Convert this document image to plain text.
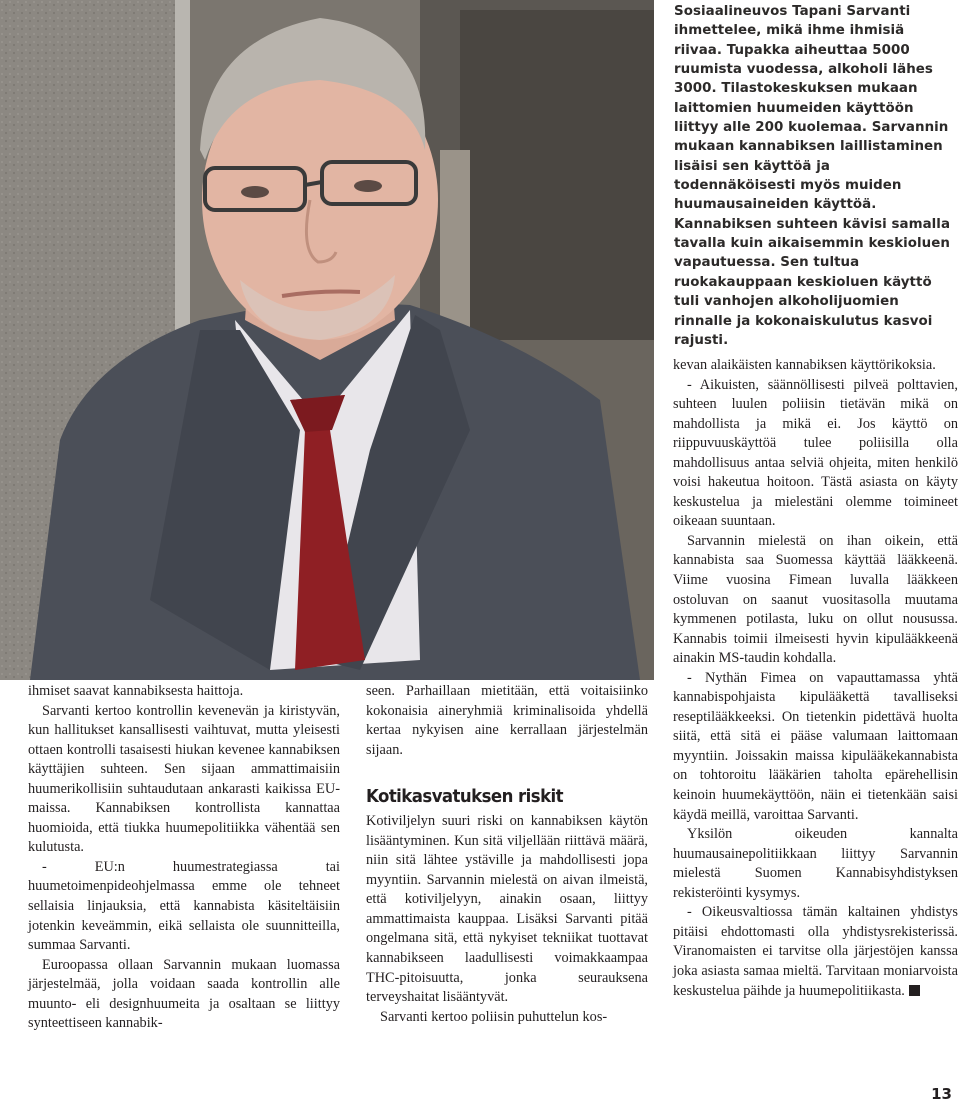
Sosiaalineuvos Tapani Sarvanti ihmettelee, mikä ihme ihmisiä riivaa. Tupakka aiheuttaa 5000 ruumista vuodessa, alkoholi lähes 3000. Tilastokeskuksen mukaan laittomien huumeiden käyttöön liittyy alle 200 kuolemaa. Sarvannin mukaan kannabiksen laillistaminen lisäisi sen käyttöä ja todennäköisesti myös muiden huumausaineiden käyttöä. Kannabiksen suhteen kävisi samalla tavalla kuin aikaisemmin keskioluen vapautuessa. Sen tultua ruokakauppaan keskioluen käyttö tuli vanhojen alkoholijuomien rinnalle ja kokonaiskulutus kasvoi rajusti.

ihmiset saavat kannabiksesta haittoja.

Sarvanti kertoo kontrollin kevenevän ja kiristyvän, kun hallitukset kansallisesti vaihtuvat, mutta yleisesti ottaen kontrolli tasaisesti hiukan kevenee kannabiksen käyttäjien suhteen. Sen sijaan ammattimaisiin huumerikollisiin suhtaudutaan ankarasti kaikissa EU-maissa. Kannabiksen kontrollista kannattaa huomioida, että tiukka huumepolitiikka vähentää sen kulutusta.

- EU:n huumestrategiassa tai huumetoimenpideohjelmassa emme ole tehneet sellaisia linjauksia, että kannabista käsiteltäisiin jotenkin keveämmin, eikä sellaista ole suunnitteilla, summaa Sarvanti.

Euroopassa ollaan Sarvannin mukaan luomassa järjestelmää, jolla voidaan saada kontrollin alle muunto- eli designhuumeita ja osaltaan se liittyy synteettiseen kannabik-

seen. Parhaillaan mietitään, että voitaisiinko kokonaisia aineryhmiä kriminalisoida yhdellä kertaa nykyisen aine kerrallaan järjestelmän sijaan.

Kotikasvatuksen riskit

Kotiviljelyn suuri riski on kannabiksen käytön lisääntyminen. Kun sitä viljellään riittävä määrä, niin sitä lähtee ystäville ja mahdollisesti jopa myyntiin. Sarvannin mielestä on aivan ilmeistä, että kotiviljelyyn, ainakin osaan, liittyy ammattimaista kauppaa. Lisäksi Sarvanti pitää ongelmana sitä, että nykyiset tekniikat tuottavat kannabikseen laadullisesti voimakkaampaa THC-pitoisuutta, jonka seurauksena terveyshaitat lisääntyvät.

Sarvanti kertoo poliisin puhuttelun kos-

kevan alaikäisten kannabiksen käyttörikoksia.

- Aikuisten, säännöllisesti pilveä polttavien, suhteen luulen poliisin tietävän mikä on mahdollista ja mikä ei. Jos käyttö on riippuvuuskäyttöä tulee poliisilla olla mahdollisuus antaa selviä ohjeita, miten henkilö voisi hakeutua hoitoon. Tästä asiasta on käyty keskustelua ja mielestäni olemme toimineet oikeaan suuntaan.

Sarvannin mielestä on ihan oikein, että kannabista saa Suomessa käyttää lääkkeenä. Viime vuosina Fimean luvalla lääkkeen ostoluvan on saanut vuositasolla muutama kymmenen potilasta, luku on ollut nousussa. Kannabis toimii ilmeisesti hyvin kipulääkkeenä ainakin MS-taudin kohdalla.

- Nythän Fimea on vapauttamassa yhtä kannabispohjaista kipulääkettä tavalliseksi reseptilääkkeeksi. On tietenkin pidettävä huolta siitä, että sitä ei pääse valumaan laittomaan myyntiin. Joissakin maissa kipulääkekannabista on tohtoroitu lääkärien taholta epärehellisin keinoin huumekäyttöön, näin ei tietenkään saisi käydä meillä, varoittaa Sarvanti.

Yksilön oikeuden kannalta huumausainepolitiikkaan liittyy Sarvannin mielestä Suomen Kannabisyhdistyksen rekisteröinti kysymys.

- Oikeusvaltiossa tämän kaltainen yhdistys pitäisi ehdottomasti olla yhdistysrekisterissä. Viranomaisten ei tarvitse olla järjestöjen kanssa joka asiasta samaa mieltä. Tarvitaan moniarvoista keskustelua päihde ja huumepolitiikasta.

13
